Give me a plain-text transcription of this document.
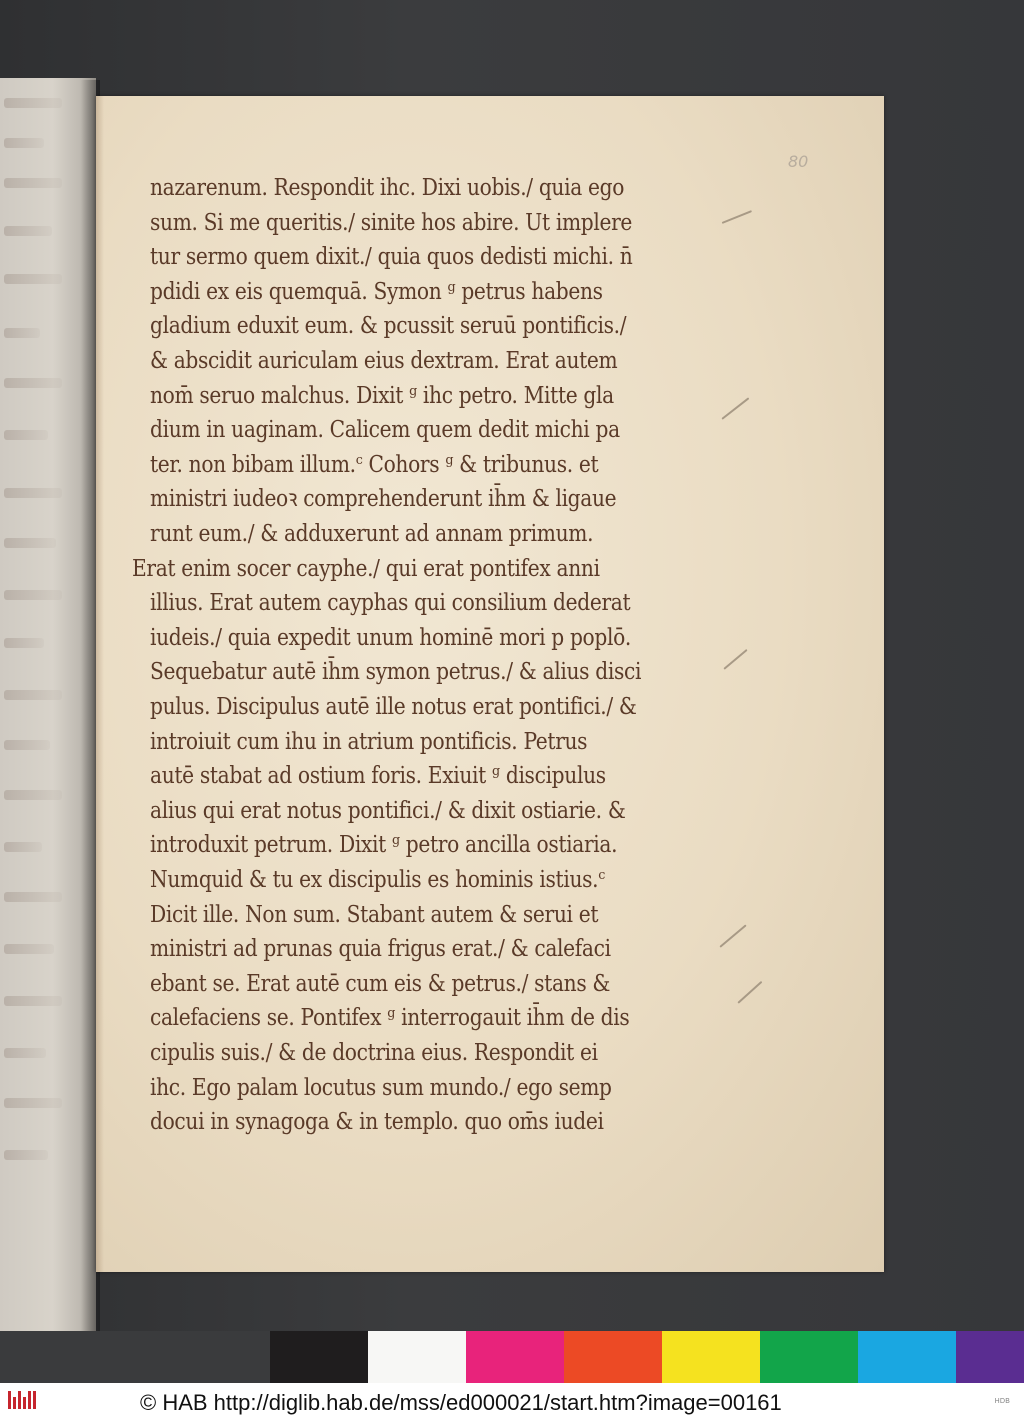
80
nazarenum. Respondit ihc. Dixi uobis./ quia ego
sum. Si me queritis./ sinite hos abire. Ut implere
tur sermo quem dixit./ quia quos dedisti michi. n̄
pdidi ex eis quemquā. Symon ᵍ petrus habens
gladium eduxit eum. & pcussit seruū pontificis./
& abscidit auriculam eius dextram. Erat autem
nom̄ seruo malchus. Dixit ᵍ ihc petro. Mitte gla
dium in uaginam. Calicem quem dedit michi pa
ter. non bibam illum.ᶜ Cohors ᵍ & tribunus. et
ministri iudeoꝛ comprehenderunt ih̄m & ligaue
runt eum./ & adduxerunt ad annam primum.
Erat enim socer cayphe./ qui erat pontifex anni
illius. Erat autem cayphas qui consilium dederat
iudeis./ quia expedit unum hominē mori p poplō.
Sequebatur autē ih̄m symon petrus./ & alius disci
pulus. Discipulus autē ille notus erat pontifici./ &
introiuit cum ihu in atrium pontificis. Petrus
autē stabat ad ostium foris. Exiuit ᵍ discipulus
alius qui erat notus pontifici./ & dixit ostiarie. &
introduxit petrum. Dixit ᵍ petro ancilla ostiaria.
Numquid & tu ex discipulis es hominis istius.ᶜ
Dicit ille. Non sum. Stabant autem & serui et
ministri ad prunas quia frigus erat./ & calefaci
ebant se. Erat autē cum eis & petrus./ stans &
calefaciens se. Pontifex ᵍ interrogauit ih̄m de dis
cipulis suis./ & de doctrina eius. Respondit ei
ihc. Ego palam locutus sum mundo./ ego semp
docui in synagoga & in templo. quo om̄s iudei
© HAB http://diglib.hab.de/mss/ed000021/start.htm?image=00161	HDB
